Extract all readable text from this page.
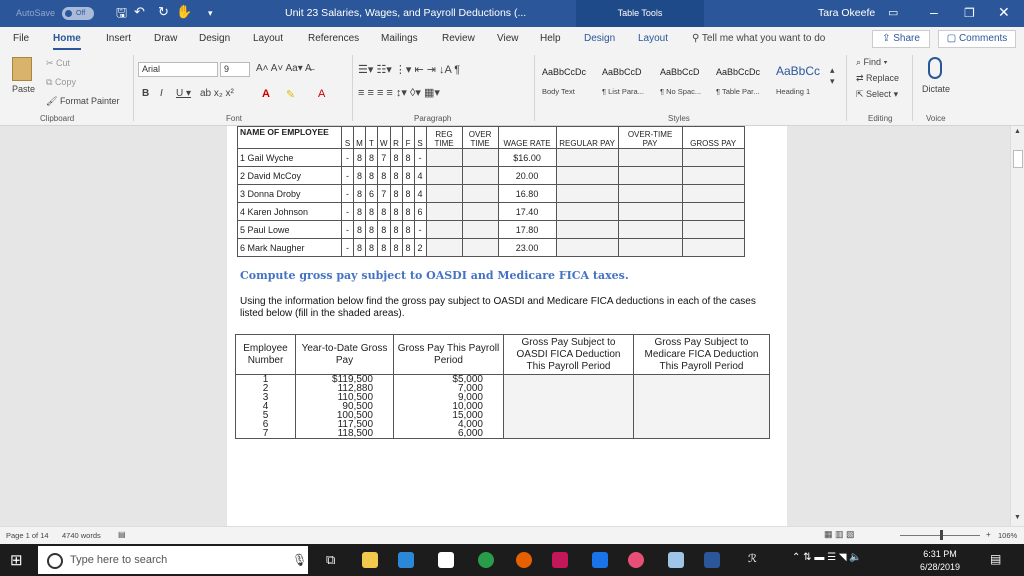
AutoSave	Off	🖫 ↶ ↻ ✋ ▾	Unit 23 Salaries, Wages, and Payroll Deductions (...	Table Tools	Tara Okeefe ▭ – ❐ ✕
File Home	Insert Draw Design Layout References Mailings Review View Help Design Layout ⚲ Tell me what you want to do	⇪ Share	▢ Comments
Paste
✂ Cut
⧉ Copy
🖌 Format Painter
Clipboard
Arial	9	A˄ A˅ Aa▾ A̶
B I U ▾ ab x₂ x²	A ✎ A
Font
☰▾ ☷▾ ⋮▾ ⇤ ⇥ ↓A ¶
≡ ≡ ≡ ≡ ↕▾ ◊▾ ▦▾
Paragraph
AaBbCcDc
Body Text
AaBbCcD
¶ List Para...
AaBbCcD
¶ No Spac...
AaBbCcDc
¶ Table Par...
AaBbCc
Heading 1
▴
▾
Styles
⌕ Find ▾
⇄ Replace
⇱ Select ▾
Editing
Dictate
Voice
NAME OF EMPLOYEE	S	M	T	W	R	F	S	REG TIME	OVER TIME	WAGE RATE	REGULAR PAY	OVER-TIME PAY	GROSS PAY
1 Gail Wyche	-	8	8	7	8	8	-			$16.00			
2 David McCoy	-	8	8	8	8	8	4			20.00			
3 Donna Droby	-	8	6	7	8	8	4			16.80			
4 Karen Johnson	-	8	8	8	8	8	6			17.40			
5 Paul Lowe	-	8	8	8	8	8	-			17.80			
6 Mark Naugher	-	8	8	8	8	8	2			23.00			
Compute gross pay subject to OASDI and Medicare FICA taxes.
Using the information below find the gross pay subject to OASDI and Medicare FICA deductions in each of the cases listed below (fill in the shaded areas).
Employee Number	Year-to-Date Gross Pay	Gross Pay This Payroll Period	Gross Pay Subject to OASDI FICA Deduction This Payroll Period	Gross Pay Subject to Medicare FICA Deduction This Payroll Period
1	$119,500	$5,000		
2	112,880	7,000		
3	110,500	9,000		
4	90,500	10,000		
5	100,500	15,000		
6	117,500	4,000		
7	118,500	6,000		
▲
▼
Page 1 of 14 4740 words ▤	▦ ▥ ▧	+ 106%
⊞	Type here to search	🎙 ⧉	ℛ	⌃ ⇅ ▬ ☰ ◥ 🔈	6:31 PM
6/28/2019
▤
